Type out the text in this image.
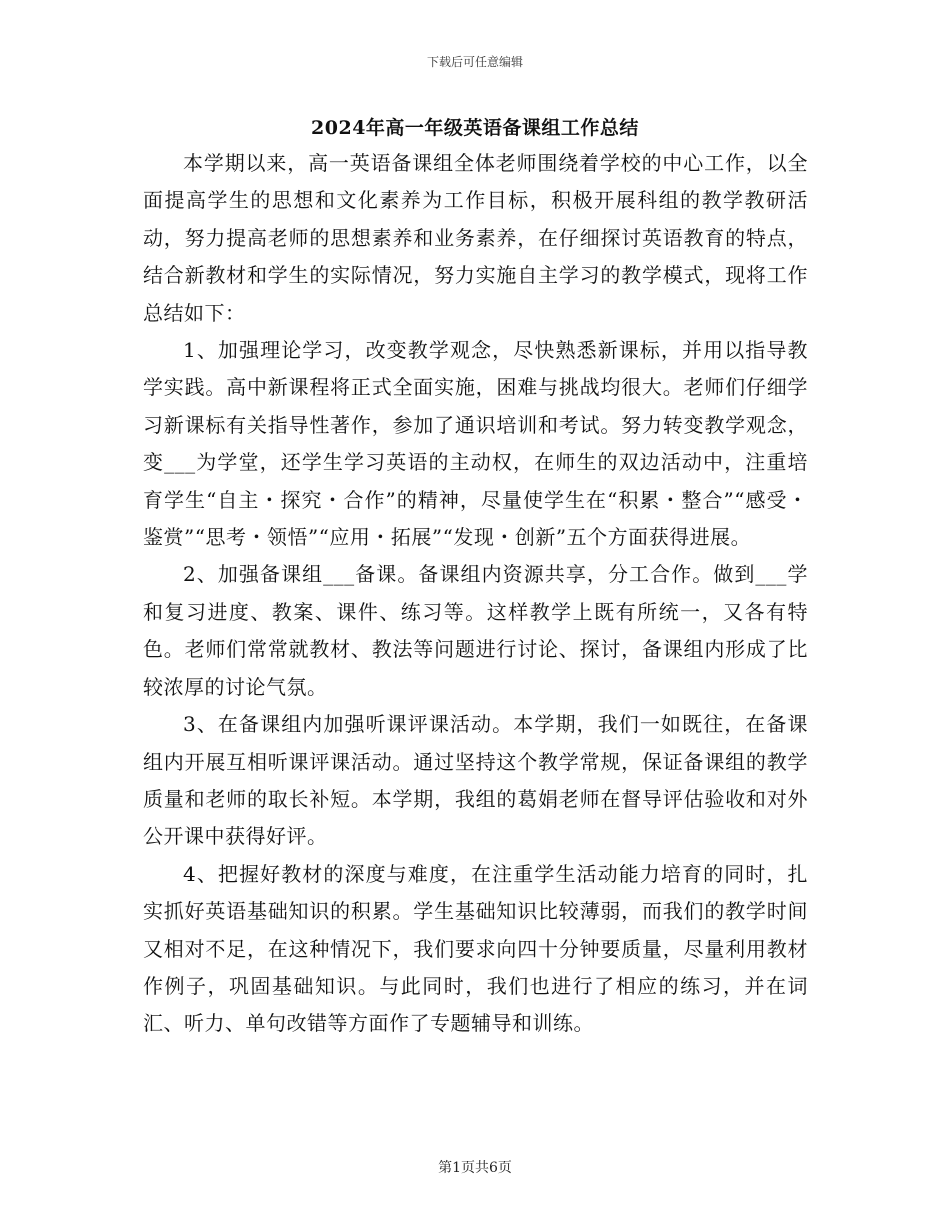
下载后可任意编辑
2024年高一年级英语备课组工作总结

本学期以来，高一英语备课组全体老师围绕着学校的中心工作，以全面提高学生的思想和文化素养为工作目标，积极开展科组的教学教研活动，努力提高老师的思想素养和业务素养，在仔细探讨英语教育的特点，结合新教材和学生的实际情况，努力实施自主学习的教学模式，现将工作总结如下：

1、加强理论学习，改变教学观念，尽快熟悉新课标，并用以指导教学实践。高中新课程将正式全面实施，困难与挑战均很大。老师们仔细学习新课标有关指导性著作，参加了通识培训和考试。努力转变教学观念，变___为学堂，还学生学习英语的主动权，在师生的双边活动中，注重培育学生“自主・探究・合作”的精神，尽量使学生在“积累・整合”“感受・鉴赏”“思考・领悟”“应用・拓展”“发现・创新”五个方面获得进展。

2、加强备课组___备课。备课组内资源共享，分工合作。做到___学和复习进度、教案、课件、练习等。这样教学上既有所统一，又各有特色。老师们常常就教材、教法等问题进行讨论、探讨，备课组内形成了比较浓厚的讨论气氛。

3、在备课组内加强听课评课活动。本学期，我们一如既往，在备课组内开展互相听课评课活动。通过坚持这个教学常规，保证备课组的教学质量和老师的取长补短。本学期，我组的葛娟老师在督导评估验收和对外公开课中获得好评。

4、把握好教材的深度与难度，在注重学生活动能力培育的同时，扎实抓好英语基础知识的积累。学生基础知识比较薄弱，而我们的教学时间又相对不足，在这种情况下，我们要求向四十分钟要质量，尽量利用教材作例子，巩固基础知识。与此同时，我们也进行了相应的练习，并在词汇、听力、单句改错等方面作了专题辅导和训练。

第1页共6页
